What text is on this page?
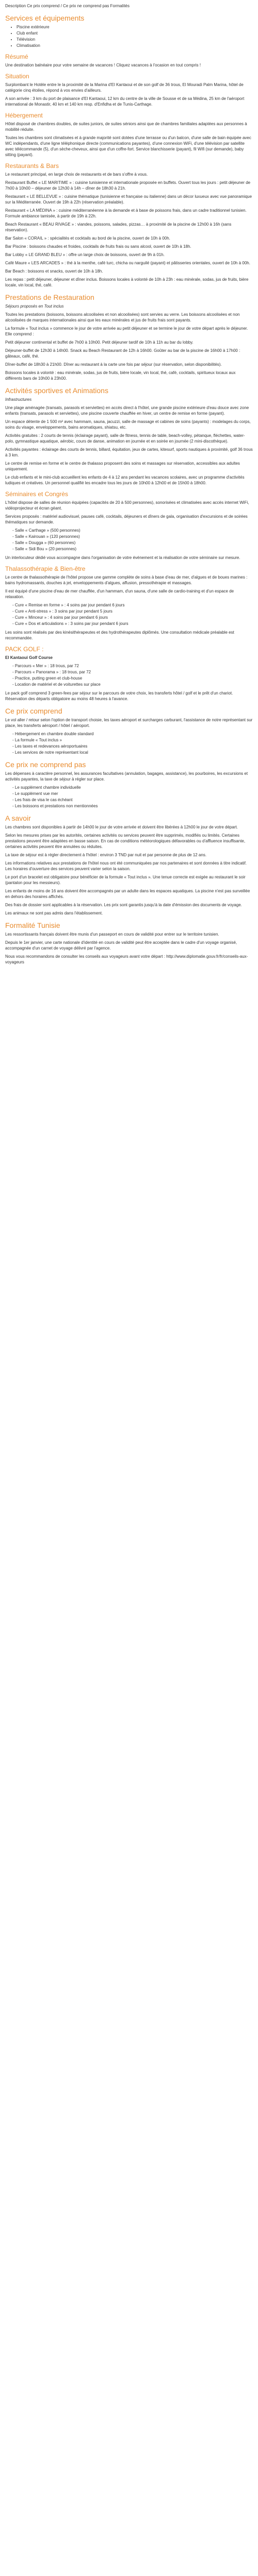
Description Ce prix comprend / Ce prix ne comprend pas Formalités

Services et équipements
• Piscine extérieure
• Club enfant
• Télévision
• Climatisation
Résumé

Une destination balnéaire pour votre semaine de vacances ! Cliquez vacances à l'ocasion en tout compris !

Situation

Surplombant le Hotèle entre le la proximité de la Marina d'El Kantaoui et de son golf de 36 trous, El Mouradi Palm Marina, hôtel de catégorie cinq étoiles, répond à vos envies d'ailleurs.

A son arrivée : 3 km du port de plaisance d'El Kantaoui, 12 km du centre de la ville de Sousse et de sa Médina, 25 km de l'aéroport international de Monastir, 40 km et 140 km resp. d'Enfidha et de Tunis-Carthage.

Hébergement

Hôtel disposé de chambres doubles, de suites juniors, de suites séniors ainsi que de chambres familiales adaptées aux personnes à mobilité réduite.

Toutes les chambres sont climatisées et à grande majorité sont dotées d'une terrasse ou d'un balcon, d'une salle de bain équipée avec WC indépendants, d'une ligne téléphonique directe (communications payantes), d'une connexion WiFi, d'une télévision par satellite avec télécommande (5), d'un sèche-cheveux, ainsi que d'un coffre-fort. Service blanchisserie (payant), fil Wifi (sur demande), baby sitting (payant).

Restaurants & Bars

Le restaurant principal, en large choix de restaurants et de bars s'offre à vous.

Restaurant Buffet « LE MARITIME » : cuisine tunisienne et internationale proposée en buffets. Ouvert tous les jours : petit déjeuner de 7h00 à 10h00 – déjeuner de 12h30 à 14h – dîner de 18h30 à 21h.

Restaurant « LE BELLEVUE » : cuisine thématique (tunisienne et française ou italienne) dans un décor luxueux avec vue panoramique sur la Méditerranée. Ouvert de 19h à 22h (réservation préalable).

Restaurant « LA MÉDINA » : cuisine méditerranéenne à la demande et à base de poissons frais, dans un cadre traditionnel tunisien. Formule ambiance tamisée, à partir de 19h à 22h.

Beach Restaurant « BEAU RIVAGE » : viandes, poissons, salades, pizzas… à proximité de la piscine de 12h00 à 16h (sans réservation).

Bar Salon « CORAIL » : spécialités et cocktails au bord de la piscine, ouvert de 10h à 00h.

Bar Piscine : boissons chaudes et froides, cocktails de fruits frais ou sans alcool, ouvert de 10h à 18h.

Bar Lobby « LE GRAND BLEU » : offre un large choix de boissons, ouvert de 9h à 01h.

Café Maure « LES ARCADES » : thé à la menthe, café turc, chicha ou narguilé (payant) et pâtisseries orientales, ouvert de 10h à 00h.

Bar Beach : boissons et snacks, ouvert de 10h à 18h.

Les repas : petit déjeuner, déjeuner et dîner inclus. Boissons locales à volonté de 10h à 23h : eau minérale, sodas, jus de fruits, bière locale, vin local, thé, café.

Prestations de Restauration

Séjours proposés en Tout inclus

Toutes les prestations (boissons, boissons alcoolisées et non alcoolisées) sont servies au verre. Les boissons alcoolisées et non alcoolisées de marques internationales ainsi que les eaux minérales et jus de fruits frais sont payants.

La formule « Tout inclus » commence le jour de votre arrivée au petit déjeuner et se termine le jour de votre départ après le déjeuner. Elle comprend :

Petit déjeuner continental et buffet de 7h00 à 10h00. Petit déjeuner tardif de 10h à 11h au bar du lobby.

Déjeuner-buffet de 12h30 à 14h00. Snack au Beach Restaurant de 12h à 16h00. Goûter au bar de la piscine de 16h00 à 17h00 : gâteaux, café, thé.

Dîner-buffet de 18h30 à 21h00. Dîner au restaurant à la carte une fois par séjour (sur réservation, selon disponibilités).

Boissons locales à volonté : eau minérale, sodas, jus de fruits, bière locale, vin local, thé, café, cocktails, spiritueux locaux aux différents bars de 10h00 à 23h00.

Activités sportives et Animations

Infrastructures

Une plage aménagée (transats, parasols et serviettes) en accès direct à l'hôtel, une grande piscine extérieure d'eau douce avec zone enfants (transats, parasols et serviettes), une piscine couverte chauffée en hiver, un centre de remise en forme (payant).

Un espace détente de 1 500 m² avec hammam, sauna, jacuzzi, salle de massage et cabines de soins (payants) : modelages du corps, soins du visage, enveloppements, bains aromatiques, shiatsu, etc.

Activités gratuites : 2 courts de tennis (éclairage payant), salle de fitness, tennis de table, beach-volley, pétanque, fléchettes, water-polo, gymnastique aquatique, aérobic, cours de danse, animation en journée et en soirée en journée (2 mini-discothèque).

Activités payantes : éclairage des courts de tennis, billard, équitation, jeux de cartes, kitesurf, sports nautiques à proximité, golf 36 trous à 3 km.

Le centre de remise en forme et le centre de thalasso proposent des soins et massages sur réservation, accessibles aux adultes uniquement.

Le club enfants et le mini-club accueillent les enfants de 4 à 12 ans pendant les vacances scolaires, avec un programme d'activités ludiques et créatives. Un personnel qualifié les encadre tous les jours de 10h00 à 12h00 et de 15h00 à 18h00.

Séminaires et Congrès

L'hôtel dispose de salles de réunion équipées (capacités de 20 à 500 personnes), sonorisées et climatisées avec accès internet WiFi, vidéoprojecteur et écran géant.

Services proposés : matériel audiovisuel, pauses café, cocktails, déjeuners et dîners de gala, organisation d'excursions et de soirées thématiques sur demande.

- Salle « Carthage » (500 personnes)
- Salle « Kairouan » (120 personnes)
- Salle « Dougga » (60 personnes)
- Salle « Sidi Bou » (20 personnes)

Un interlocuteur dédié vous accompagne dans l'organisation de votre événement et la réalisation de votre séminaire sur mesure.

Thalassothérapie & Bien-être

Le centre de thalassothérapie de l'hôtel propose une gamme complète de soins à base d'eau de mer, d'algues et de boues marines : bains hydromassants, douches à jet, enveloppements d'algues, affusion, pressothérapie et massages.

Il est équipé d'une piscine d'eau de mer chauffée, d'un hammam, d'un sauna, d'une salle de cardio-training et d'un espace de relaxation.

- Cure « Remise en forme » : 4 soins par jour pendant 6 jours
- Cure « Anti-stress » : 3 soins par jour pendant 5 jours
- Cure « Minceur » : 4 soins par jour pendant 6 jours
- Cure « Dos et articulations » : 3 soins par jour pendant 6 jours

Les soins sont réalisés par des kinésithérapeutes et des hydrothérapeutes diplômés. Une consultation médicale préalable est recommandée.

PACK GOLF :

El Kantaoui Golf Course

- Parcours « Mer » : 18 trous, par 72
- Parcours « Panorama » : 18 trous, par 72
- Practice, putting green et club-house
- Location de matériel et de voiturettes sur place

Le pack golf comprend 3 green-fees par séjour sur le parcours de votre choix, les transferts hôtel / golf et le prêt d'un chariot. Réservation des départs obligatoire au moins 48 heures à l'avance.

Ce prix comprend

Le vol aller / retour selon l'option de transport choisie, les taxes aéroport et surcharges carburant, l'assistance de notre représentant sur place, les transferts aéroport / hôtel / aéroport.

- Hébergement en chambre double standard
- La formule « Tout inclus »
- Les taxes et redevances aéroportuaires
- Les services de notre représentant local
Ce prix ne comprend pas

Les dépenses à caractère personnel, les assurances facultatives (annulation, bagages, assistance), les pourboires, les excursions et activités payantes, la taxe de séjour à régler sur place.

- Le supplément chambre individuelle
- Le supplément vue mer
- Les frais de visa le cas échéant
- Les boissons et prestations non mentionnées
A savoir

Les chambres sont disponibles à partir de 14h00 le jour de votre arrivée et doivent être libérées à 12h00 le jour de votre départ.

Selon les mesures prises par les autorités, certaines activités ou services peuvent être supprimés, modifiés ou limités. Certaines prestations peuvent être adaptées en basse saison. En cas de conditions météorologiques défavorables ou d'affluence insuffisante, certaines activités peuvent être annulées ou réduites.

La taxe de séjour est à régler directement à l'hôtel : environ 3 TND par nuit et par personne de plus de 12 ans.

Les informations relatives aux prestations de l'hôtel nous ont été communiquées par nos partenaires et sont données à titre indicatif. Les horaires d'ouverture des services peuvent varier selon la saison.

Le port d'un bracelet est obligatoire pour bénéficier de la formule « Tout inclus ». Une tenue correcte est exigée au restaurant le soir (pantalon pour les messieurs).

Les enfants de moins de 16 ans doivent être accompagnés par un adulte dans les espaces aquatiques. La piscine n'est pas surveillée en dehors des horaires affichés.

Des frais de dossier sont applicables à la réservation. Les prix sont garantis jusqu'à la date d'émission des documents de voyage.

Les animaux ne sont pas admis dans l'établissement.

Formalité Tunisie

Les ressortissants français doivent être munis d'un passeport en cours de validité pour entrer sur le territoire tunisien.

Depuis le 1er janvier, une carte nationale d'identité en cours de validité peut être acceptée dans le cadre d'un voyage organisé, accompagnée d'un carnet de voyage délivré par l'agence.

Nous vous recommandons de consulter les conseils aux voyageurs avant votre départ : http://www.diplomatie.gouv.fr/fr/conseils-aux-voyageurs
